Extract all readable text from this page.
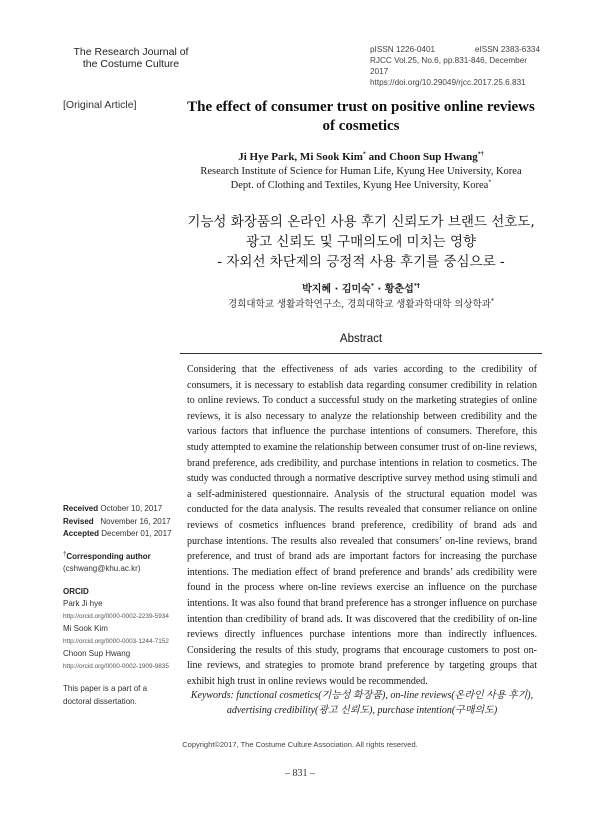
The Research Journal of
the Costume Culture
pISSN 1226-0401	eISSN 2383-6334
RJCC Vol.25, No.6, pp.831-846, December 2017
https://doi.org/10.29049/rjcc.2017.25.6.831
[Original Article]	The effect of consumer trust on positive online reviews
of cosmetics
Ji Hye Park, Mi Sook Kim* and Choon Sup Hwang*†
Research Institute of Science for Human Life, Kyung Hee University, Korea
Dept. of Clothing and Textiles, Kyung Hee University, Korea*
기능성 화장품의 온라인 사용 후기 신뢰도가 브랜드 선호도,
광고 신뢰도 및 구매의도에 미치는 영향
- 자외선 차단제의 긍정적 사용 후기를 중심으로 -
박지혜 · 김미숙* · 황춘섭*†
경희대학교 생활과학연구소, 경희대학교 생활과학대학 의상학과*
Abstract
Considering that the effectiveness of ads varies according to the credibility of consumers, it is necessary to establish data regarding consumer credibility in relation to online reviews. To conduct a successful study on the marketing strategies of online reviews, it is also necessary to analyze the relationship between credibility and the various factors that influence the purchase intentions of consumers. Therefore, this study attempted to examine the relationship between consumer trust of on-line reviews, brand preference, ads credibility, and purchase intentions in relation to cosmetics. The study was conducted through a normative descriptive survey method using stimuli and a self-administered questionnaire. Analysis of the structural equation model was conducted for the data analysis. The results revealed that consumer reliance on online reviews of cosmetics influences brand preference, credibility of brand ads and purchase intentions. The results also revealed that consumers’ on-line reviews, brand preference, and trust of brand ads are important factors for increasing the purchase intentions. The mediation effect of brand preference and brands’ ads credibility were found in the process where on-line reviews exercise an influence on the purchase intentions. It was also found that brand preference has a stronger influence on purchase intention than credibility of brand ads. It was discovered that the credibility of on-line reviews directly influences purchase intentions more than indirectly influences. Considering the results of this study, programs that encourage customers to post on-line reviews, and strategies to promote brand preference by targeting groups that exhibit high trust in online reviews would be recommended.
Keywords: functional cosmetics(기능성 화장품), on-line reviews(온라인 사용 후기),
advertising credibility(광고 신뢰도), purchase intention(구매의도)
Received October 10, 2017
Revised November 16, 2017
Accepted December 01, 2017
†Corresponding author
(cshwang@khu.ac.kr)
ORCID
Park Ji hye
http://orcid.org/0000-0002-2239-5934
Mi Sook Kim
http://orcid.org/0000-0003-1244-7152
Choon Sup Hwang
http://orcid.org/0000-0002-1909-9835
This paper is a part of a doctoral dissertation.
Copyright©2017, The Costume Culture Association. All rights reserved.
– 831 –
